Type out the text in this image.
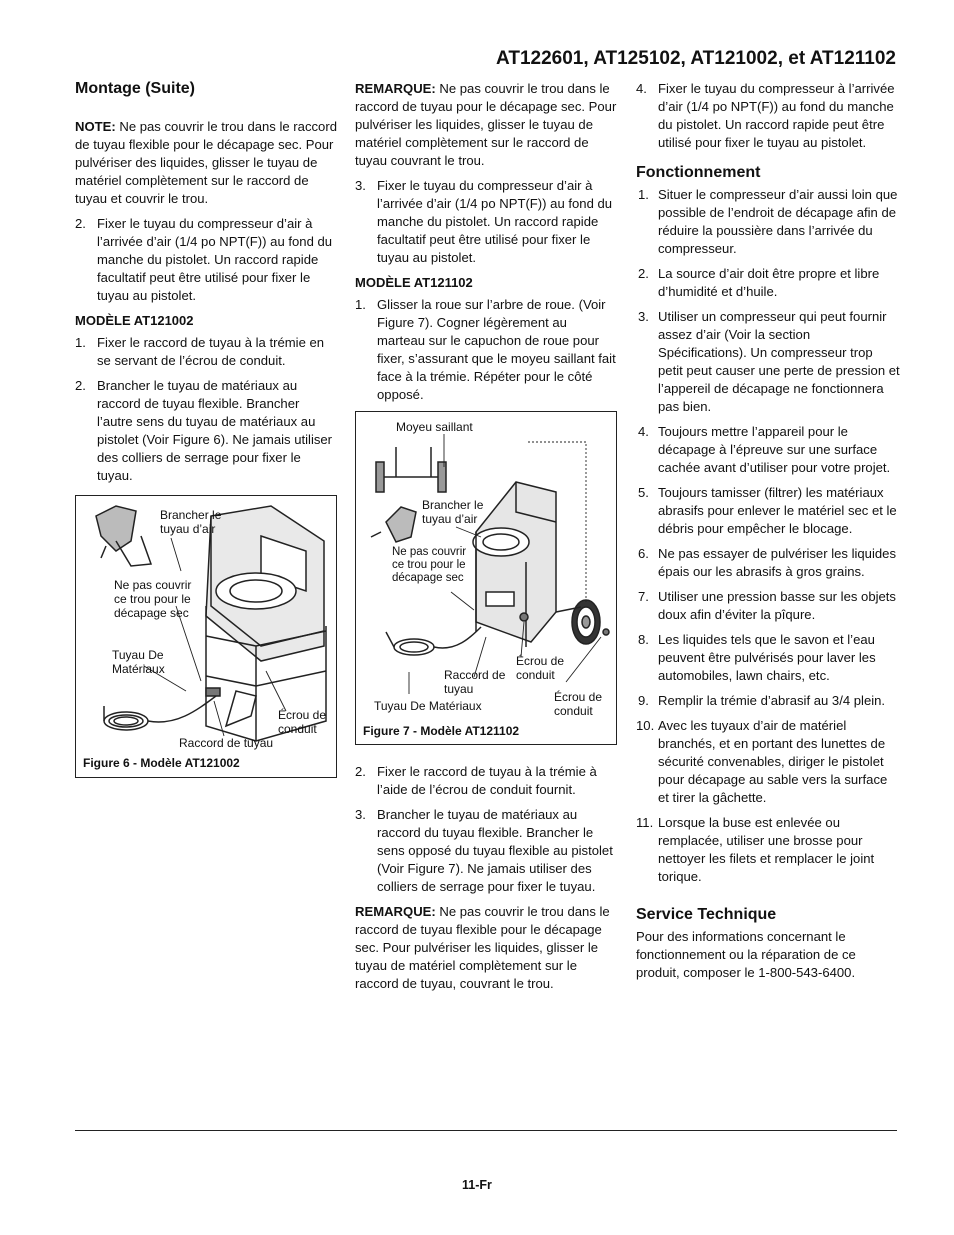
AT122601, AT125102, AT121002, et AT121102
Montage (Suite)
NOTE: Ne pas couvrir le trou dans le raccord de tuyau flexible pour le décapage sec. Pour pulvériser des liquides, glisser le tuyau de matériel complètement sur le raccord de tuyau et couvrir le trou.
2. Fixer le tuyau du compresseur d’air à l’arrivée d’air (1/4 po NPT(F)) au fond du manche du pistolet. Un raccord rapide facultatif peut être utilisé pour fixer le tuyau au pistolet.
MODÈLE AT121002
1. Fixer le raccord de tuyau à la trémie en se servant de l’écrou de conduit.
2. Brancher le tuyau de matériaux au raccord de tuyau flexible. Brancher l’autre sens du tuyau de matériaux au pistolet (Voir Figure 6). Ne jamais utiliser des colliers de serrage pour fixer le tuyau.
Brancher le tuyau d’air
Ne pas couvrir ce trou pour le décapage sec
Tuyau De Matériaux
Écrou de conduit
Raccord de tuyau
Figure 6 - Modèle AT121002
REMARQUE: Ne pas couvrir le trou dans le raccord de tuyau pour le décapage sec. Pour pulvériser les liquides, glisser le tuyau de matériel complètement sur le raccord de tuyau couvrant le trou.
3. Fixer le tuyau du compresseur d’air à l’arrivée d’air (1/4 po NPT(F)) au fond du manche du pistolet. Un raccord rapide facultatif peut être utilisé pour fixer le tuyau au pistolet.
MODÈLE AT121102
1. Glisser la roue sur l’arbre de roue. (Voir Figure 7). Cogner légèrement au marteau sur le capuchon de roue pour fixer, s’assurant que le moyeu saillant fait face à la trémie. Répéter pour le côté opposé.
Moyeu saillant
Brancher le tuyau d’air
Ne pas couvrir ce trou pour le décapage sec
Écrou de conduit
Raccord de tuyau
Écrou de conduit
Tuyau De Matériaux
Figure 7 - Modèle AT121102
2. Fixer le raccord de tuyau à la trémie à l’aide de l’écrou de conduit fournit.
3. Brancher le tuyau de matériaux au raccord du tuyau flexible. Brancher le sens opposé du tuyau flexible au pistolet (Voir Figure 7). Ne jamais utiliser des colliers de serrage pour fixer le tuyau.
REMARQUE: Ne pas couvrir le trou dans le raccord de tuyau flexible pour le décapage sec. Pour pulvériser les liquides, glisser le tuyau de matériel complètement sur le raccord de tuyau, couvrant le trou.
4. Fixer le tuyau du compresseur à l’arrivée d’air (1/4 po NPT(F)) au fond du manche du pistolet. Un raccord rapide peut être utilisé pour fixer le tuyau au pistolet.
Fonctionnement
1. Situer le compresseur d’air aussi loin que possible de l’endroit de décapage afin de réduire la poussière dans l’arrivée du compresseur.
2. La source d’air doit être propre et libre d’humidité et d’huile.
3. Utiliser un compresseur qui peut fournir assez d’air (Voir la section Spécifications). Un compresseur trop petit peut causer une perte de pression et l’appereil de décapage ne fonctionnera pas bien.
4. Toujours mettre l’appareil pour le décapage à l’épreuve sur une surface cachée avant d’utiliser pour votre projet.
5. Toujours tamisser (filtrer) les matériaux abrasifs pour enlever le matériel sec et le débris pour empêcher le blocage.
6. Ne pas essayer de pulvériser les liquides épais our les abrasifs à gros grains.
7. Utiliser une pression basse sur les objets doux afin d’éviter la pîqure.
8. Les liquides tels que le savon et l’eau peuvent être pulvérisés pour laver les automobiles, lawn chairs, etc.
9. Remplir la trémie d’abrasif au 3/4 plein.
10. Avec les tuyaux d’air de matériel branchés, et en portant des lunettes de sécurité convenables, diriger le pistolet pour décapage au sable vers la surface et tirer la gâchette.
11. Lorsque la buse est enlevée ou remplacée, utiliser une brosse pour nettoyer les filets et remplacer le joint torique.
Service Technique
Pour des informations concernant le fonctionnement ou la réparation de ce produit, composer le 1-800-543-6400.
11-Fr
